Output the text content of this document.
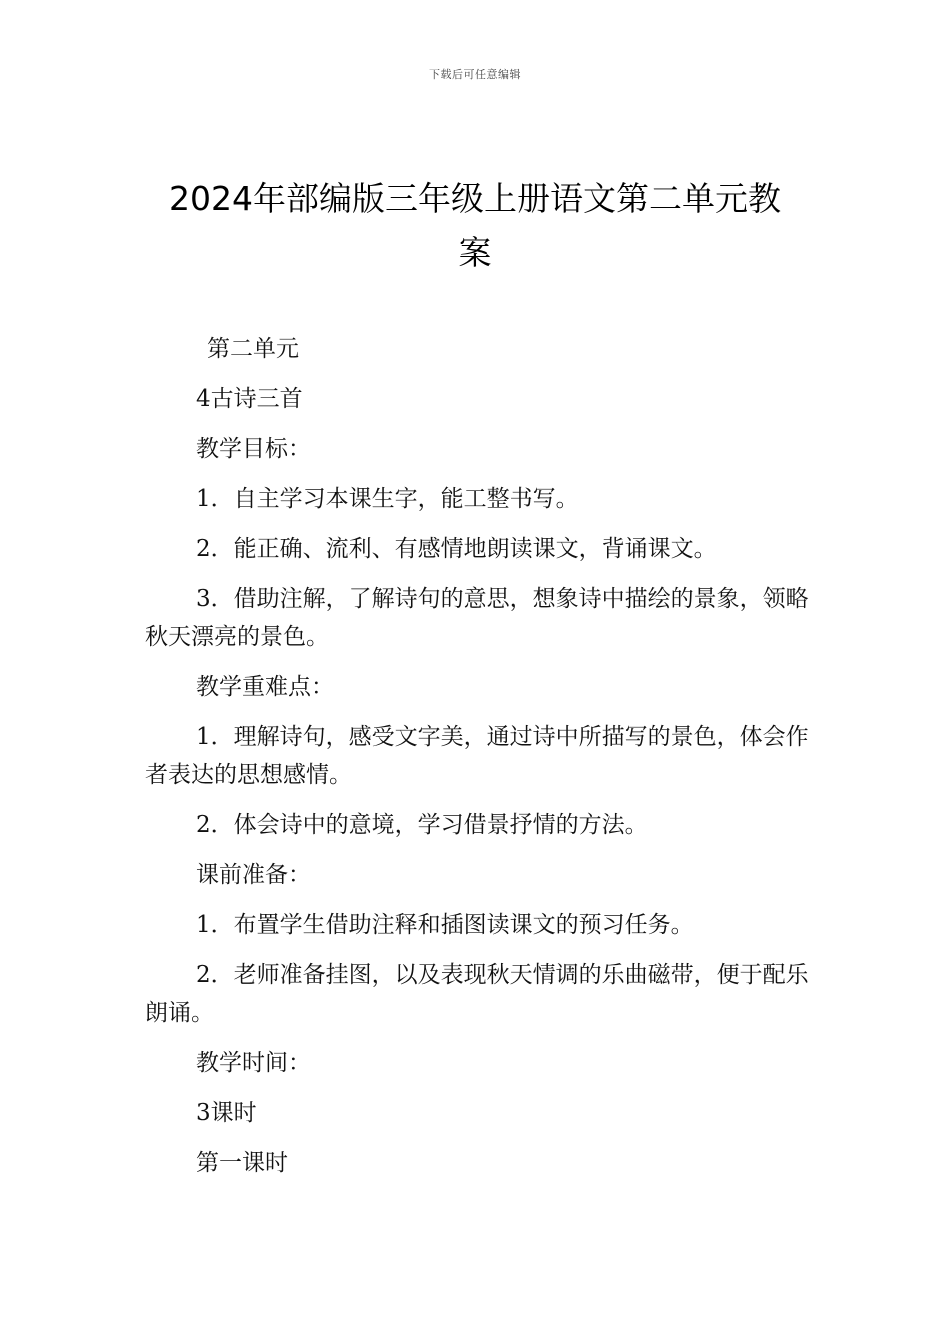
下载后可任意编辑
2024年部编版三年级上册语文第二单元教
案

第二单元

4古诗三首

教学目标：

1．自主学习本课生字，能工整书写。

2．能正确、流利、有感情地朗读课文，背诵课文。

3．借助注解，了解诗句的意思，想象诗中描绘的景象，领略秋天漂亮的景色。

教学重难点：

1．理解诗句，感受文字美，通过诗中所描写的景色，体会作者表达的思想感情。

2．体会诗中的意境，学习借景抒情的方法。

课前准备：

1．布置学生借助注释和插图读课文的预习任务。

2．老师准备挂图，以及表现秋天情调的乐曲磁带，便于配乐朗诵。

教学时间：

3课时

第一课时
